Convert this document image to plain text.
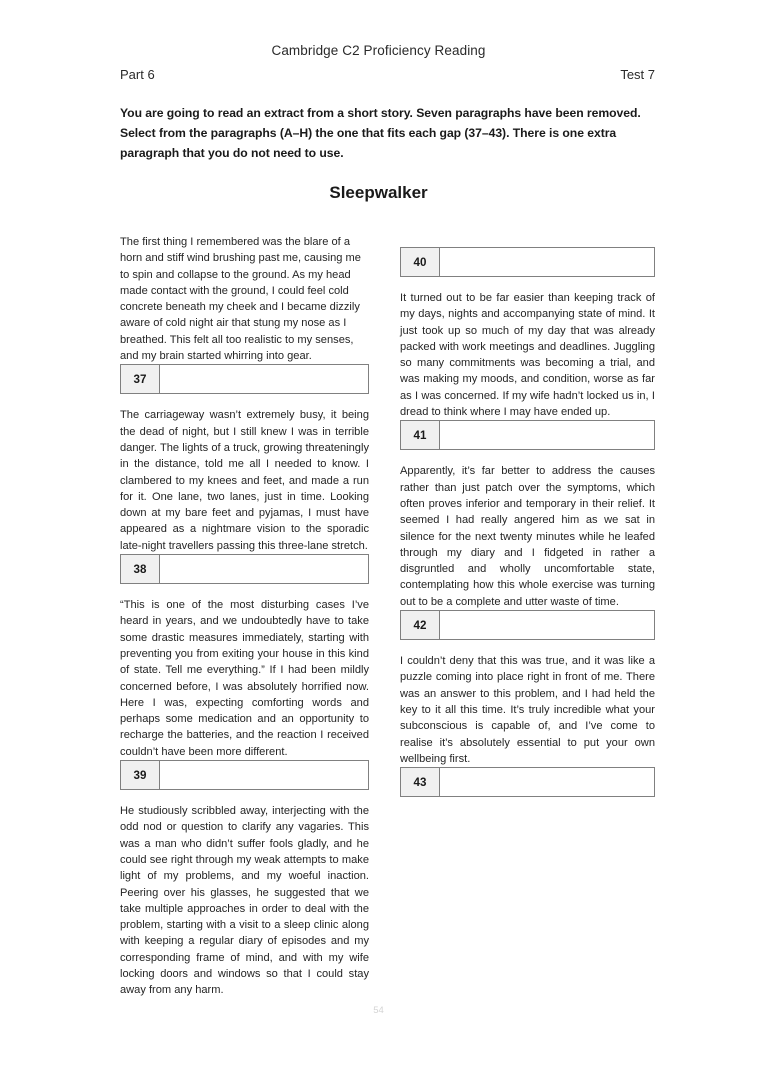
Cambridge C2 Proficiency Reading
Part 6	Test 7
You are going to read an extract from a short story. Seven paragraphs have been removed. Select from the paragraphs (A–H) the one that fits each gap (37–43). There is one extra paragraph that you do not need to use.
Sleepwalker

The first thing I remembered was the blare of a horn and stiff wind brushing past me, causing me to spin and collapse to the ground. As my head made contact with the ground, I could feel cold concrete beneath my cheek and I became dizzily aware of cold night air that stung my nose as I breathed. This felt all too realistic to my senses, and my brain started whirring into gear.

37

The carriageway wasn’t extremely busy, it being the dead of night, but I still knew I was in terrible danger. The lights of a truck, growing threateningly in the distance, told me all I needed to know. I clambered to my knees and feet, and made a run for it. One lane, two lanes, just in time. Looking down at my bare feet and pyjamas, I must have appeared as a nightmare vision to the sporadic late-night travellers passing this three-lane stretch.

38

“This is one of the most disturbing cases I’ve heard in years, and we undoubtedly have to take some drastic measures immediately, starting with preventing you from exiting your house in this kind of state. Tell me everything.” If I had been mildly concerned before, I was absolutely horrified now. Here I was, expecting comforting words and perhaps some medication and an opportunity to recharge the batteries, and the reaction I received couldn’t have been more different.

39

He studiously scribbled away, interjecting with the odd nod or question to clarify any vagaries. This was a man who didn’t suffer fools gladly, and he could see right through my weak attempts to make light of my problems, and my woeful inaction. Peering over his glasses, he suggested that we take multiple approaches in order to deal with the problem, starting with a visit to a sleep clinic along with keeping a regular diary of episodes and my corresponding frame of mind, and with my wife locking doors and windows so that I could stay away from any harm.

40

It turned out to be far easier than keeping track of my days, nights and accompanying state of mind. It just took up so much of my day that was already packed with work meetings and deadlines. Juggling so many commitments was becoming a trial, and was making my moods, and condition, worse as far as I was concerned. If my wife hadn’t locked us in, I dread to think where I may have ended up.

41

Apparently, it’s far better to address the causes rather than just patch over the symptoms, which often proves inferior and temporary in their relief. It seemed I had really angered him as we sat in silence for the next twenty minutes while he leafed through my diary and I fidgeted in rather a disgruntled and wholly uncomfortable state, contemplating how this whole exercise was turning out to be a complete and utter waste of time.

42

I couldn’t deny that this was true, and it was like a puzzle coming into place right in front of me. There was an answer to this problem, and I had held the key to it all this time. It’s truly incredible what your subconscious is capable of, and I’ve come to realise it’s absolutely essential to put your own wellbeing first.

43
54
